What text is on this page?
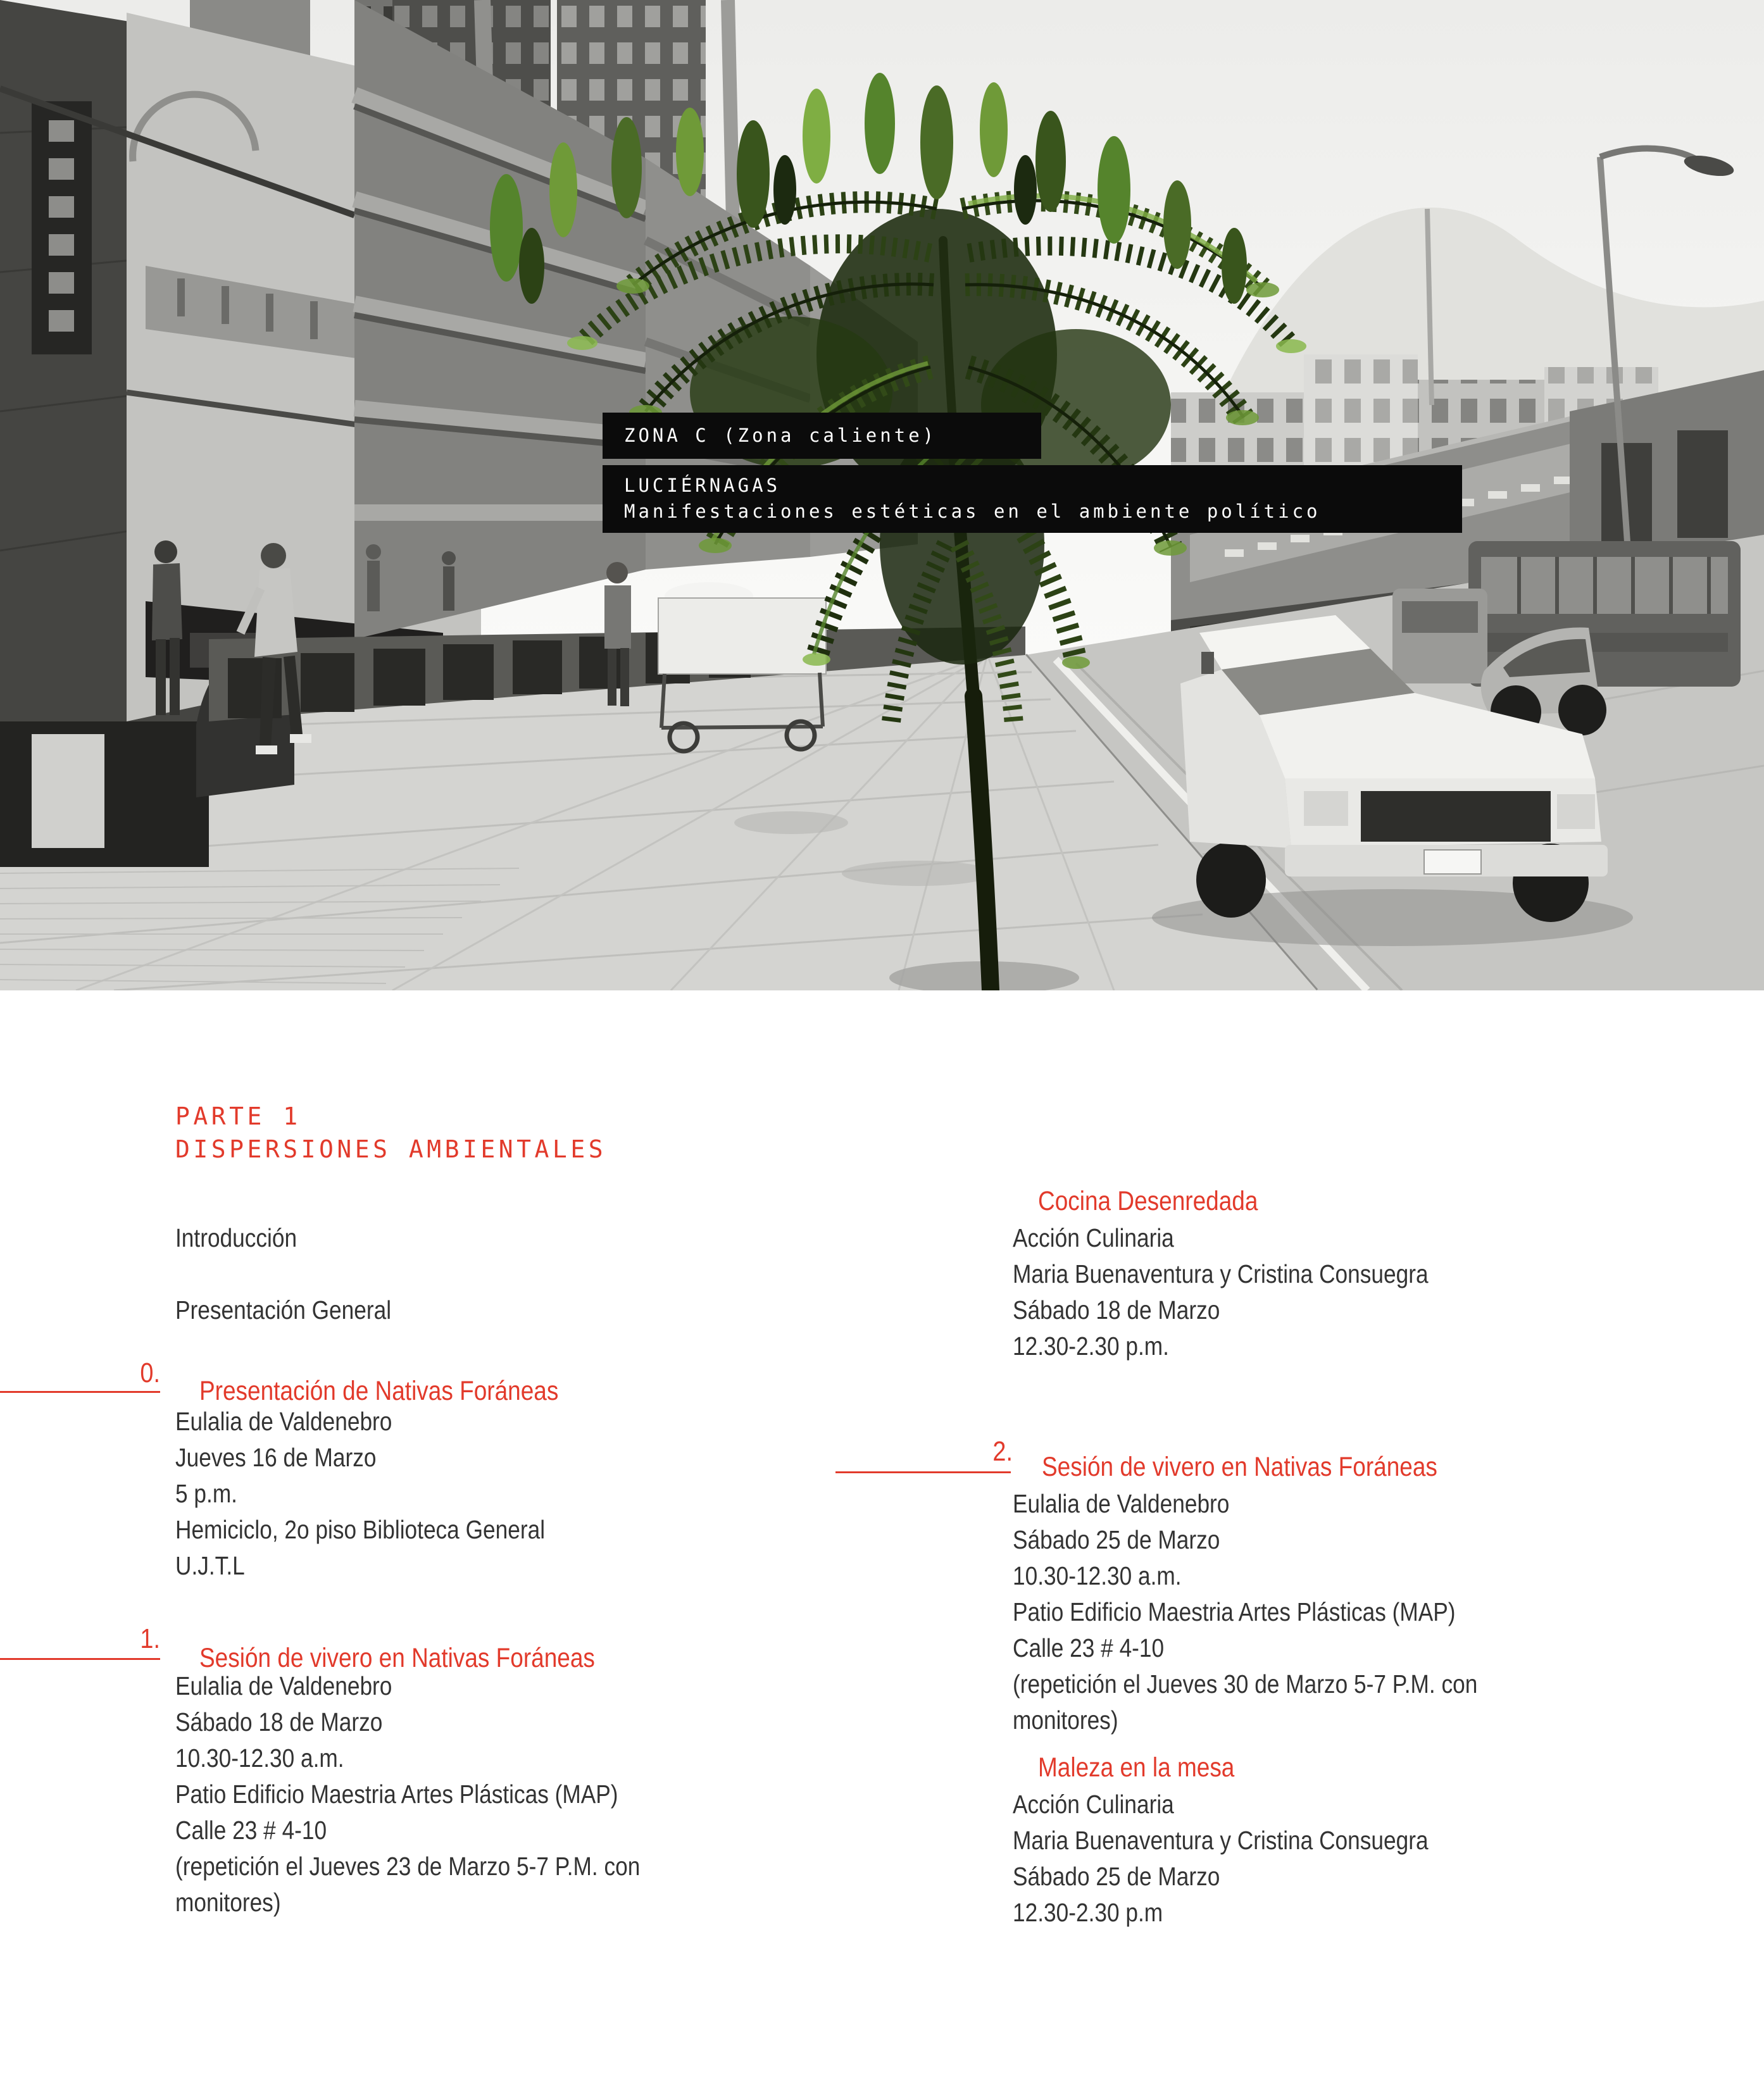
ZONA C (Zona caliente)
LUCIÉRNAGAS
Manifestaciones estéticas en el ambiente político
PARTE 1
DISPERSIONES AMBIENTALES
Introducción
Presentación General
0.
Presentación de Nativas Foráneas
Eulalia de Valdenebro
Jueves 16 de Marzo
5 p.m.
Hemiciclo, 2o piso Biblioteca General
U.J.T.L
1.
Sesión de vivero en Nativas Foráneas
Eulalia de Valdenebro
Sábado 18 de Marzo
10.30-12.30 a.m.
Patio Edificio Maestria Artes Plásticas (MAP)
Calle 23 # 4-10
(repetición el Jueves 23 de Marzo 5-7 P.M. con
monitores)
Cocina Desenredada
Acción Culinaria
Maria Buenaventura y Cristina Consuegra
Sábado 18 de Marzo
12.30-2.30 p.m.
2. Sesión de vivero en Nativas Foráneas
Eulalia de Valdenebro
Sábado 25 de Marzo
10.30-12.30 a.m.
Patio Edificio Maestria Artes Plásticas (MAP)
Calle 23 # 4-10
(repetición el Jueves 30 de Marzo 5-7 P.M. con
monitores)
Maleza en la mesa
Acción Culinaria
Maria Buenaventura y Cristina Consuegra
Sábado 25 de Marzo
12.30-2.30 p.m
